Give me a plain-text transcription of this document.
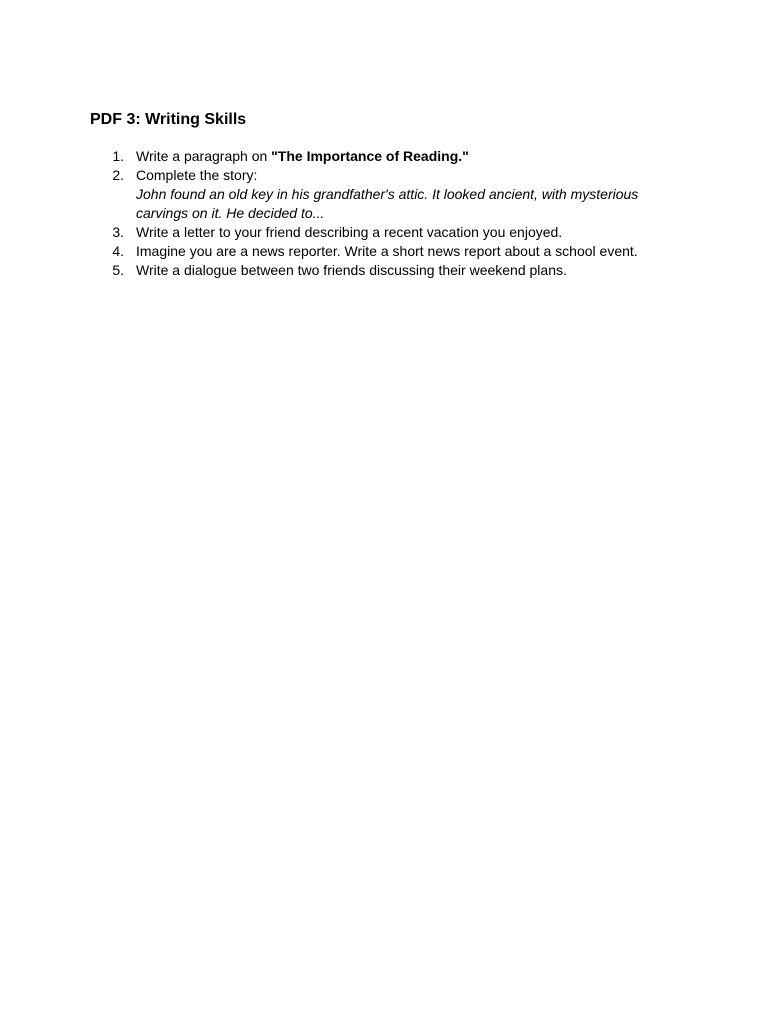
PDF 3: Writing Skills
1. Write a paragraph on "The Importance of Reading."
2. Complete the story:
John found an old key in his grandfather's attic. It looked ancient, with mysterious
carvings on it. He decided to...
3. Write a letter to your friend describing a recent vacation you enjoyed.
4. Imagine you are a news reporter. Write a short news report about a school event.
5. Write a dialogue between two friends discussing their weekend plans.
